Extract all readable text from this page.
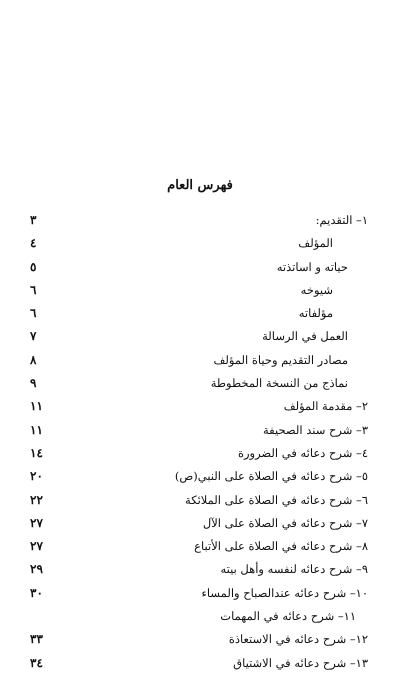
فهرس العام
١– التقديم:
٣
المؤلف
٤
حياته و اساتذته
٥
شيوخه
٦
مؤلفاته
٦
العمل في الرسالة
٧
مصادر التقديم وحياة المؤلف
٨
نماذج من النسخة المخطوطة
٩
٢– مقدمة المؤلف
١١
٣– شرح سند الصحيفة
١١
٤– شرح دعائه في الضرورة
١٤
٥– شرح دعائه في الصلاة على النبي(ص)
٢٠
٦– شرح دعائه في الصلاة على الملائكة
٢٢
٧– شرح دعائه في الصلاة على الآل
٢٧
٨– شرح دعائه في الصلاة على الأتباع
٢٧
٩– شرح دعائه لنفسه وأهل بيته
٢٩
١٠– شرح دعائه عندالصباح والمساء
٣٠
١١– شرح دعائه في المهمات
١٢– شرح دعائه في الاستعاذة
٣٣
١٣– شرح دعائه في الاشتياق
٣٤
